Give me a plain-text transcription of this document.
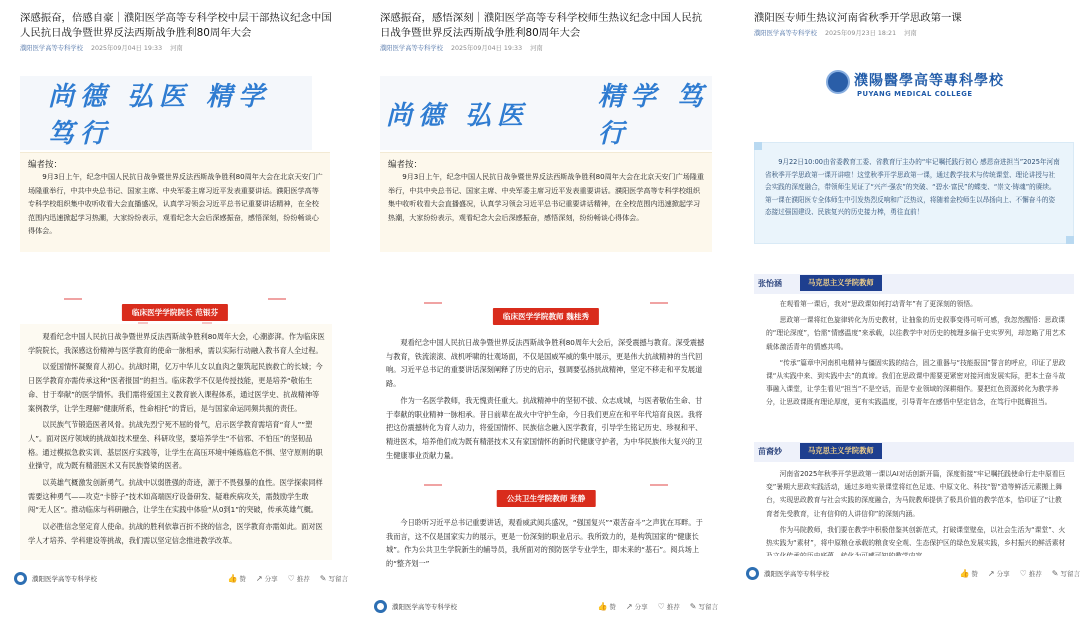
深感振奋，倍感自豪｜濮阳医学高等专科学校中层干部热议纪念中国人民抗日战争暨世界反法西斯战争胜利80周年大会
濮阳医学高等专科学校 2025年09月04日 19:33 河南
尚德 弘医 精学 笃行
编者按：
9月3日上午，纪念中国人民抗日战争暨世界反法西斯战争胜利80周年大会在北京天安门广场隆重举行，中共中央总书记、国家主席、中央军委主席习近平发表重要讲话。濮阳医学高等专科学校组织集中收听收看大会直播盛况，认真学习领会习近平总书记重要讲话精神，在全校范围内迅速掀起学习热潮，大家纷纷表示，观看纪念大会后深感振奋，感悟深刻，纷纷畅谈心得体会。
临床医学学院院长 范银芬

观看纪念中国人民抗日战争暨世界反法西斯战争胜利80周年大会，心潮澎湃。作为临床医学院院长，我深感这份精神与医学教育的使命一脉相承，需以实际行动融入教书育人全过程。

以爱国情怀凝聚育人初心。抗战时期，亿万中华儿女以血肉之躯筑起民族救亡的长城；今日医学教育亦需传承这种“医者报国”的担当。临床教学不仅是传授技能，更是培养“敬佑生命、甘于奉献”的医学情怀。我们需将爱国主义教育嵌入课程体系，通过医学史、抗战精神等案例教学，让学生理解“健康所系，性命相托”的背后，是与国家命运同频共振的责任。

以民族气节锻造医者风骨。抗战先烈宁死不屈的骨气，启示医学教育需培育“育人”“塑人”。面对医疗领域的挑战如技术壁垒、科研攻坚，要培养学生“不信邪、不怕压”的坚韧品格。通过模拟急救实训、基层医疗实践等，让学生在高压环境中锤炼临危不惧、坚守原则的职业操守，成为既有精湛医术又有民族脊梁的医者。

以英雄气概激发创新勇气。抗战中以弱胜强的奇迹，源于不畏强暴的血性。医学探索同样需要这种勇气——攻克“卡脖子”技术如高端医疗设备研发、疑难疾病攻关，需鼓励学生敢闯“无人区”。推动临床与科研融合，让学生在实践中体验“从0到1”的突破，传承英雄气概。

以必胜信念坚定育人使命。抗战的胜利依靠百折不挠的信念，医学教育亦需如此。面对医学人才培养、学科建设等挑战，我们需以坚定信念推进教学改革。

濮阳医学高等专科学校	👍 赞 ↗ 分享 ♡ 推荐 ✎ 写留言
深感振奋，感悟深刻｜濮阳医学高等专科学校师生热议纪念中国人民抗日战争暨世界反法西斯战争胜利80周年大会
濮阳医学高等专科学校 2025年09月04日 19:33 河南
尚德 弘医
精学 笃行
编者按：
9月3日上午，纪念中国人民抗日战争暨世界反法西斯战争胜利80周年大会在北京天安门广场隆重举行，中共中央总书记、国家主席、中央军委主席习近平发表重要讲话。濮阳医学高等专科学校组织集中收听收看大会直播盛况，认真学习领会习近平总书记重要讲话精神，在全校范围内迅速掀起学习热潮，大家纷纷表示，观看纪念大会后深感振奋，感悟深刻，纷纷畅谈心得体会。
临床医学学院教师 魏桂秀

观看纪念中国人民抗日战争暨世界反法西斯战争胜利80周年大会后，深受震撼与教育。深受震撼与教育，铁流滚滚、战机呼啸的壮观场面，不仅是国威军威的集中展示，更是伟大抗战精神的当代回响。习近平总书记的重要讲话深刻阐释了历史的启示，强调要弘扬抗战精神，坚定不移走和平发展道路。

作为一名医学教师，我无愧责任重大。抗战精神中的坚韧不拔、众志成城，与医者敬佑生命、甘于奉献的职业精神一脉相承。昔日前辈在战火中守护生命，今日我们更应在和平年代培育良医。我将把这份震撼转化为育人动力，将爱国情怀、民族信念融入医学教育，引导学生铭记历史、珍视和平、精进医术，培养他们成为既有精湛技术又有家国情怀的新时代健康守护者，为中华民族伟大复兴的卫生健康事业贡献力量。

公共卫生学院教师 张静

今日聆听习近平总书记重要讲话，观看威武阅兵盛况，“强国复兴”“艰苦奋斗”之声犹在耳畔。于我而言，这不仅是国家实力的展示，更是一份深刻的职业启示。我所致力的，是构筑国家的“健康长城”。作为公共卫生学院新生的辅导员，我所面对的预防医学专业学生，即未来的“基石”。阅兵场上的“整齐划一”

濮阳医学高等专科学校	👍 赞 ↗ 分享 ♡ 推荐 ✎ 写留言
濮阳医专师生热议河南省秋季开学思政第一课
濮阳医学高等专科学校 2025年09月23日 18:21 河南
濮陽醫學高等專科學校
PUYANG MEDICAL COLLEGE
9月22日10:00由省委教育工委、省教育厅主办的“牢记嘱托践行初心 感恩奋进担当”2025年河南省秋季开学思政第一课开讲啦！这堂秋季开学思政第一课，通过教学技术与传统课堂、理论讲授与社会实践的深度融合，带领师生见证了“兴产·强农”的突破、“碧水·富民”的蝶变、“崇文·铸魂”的赓续。第一课在濮阳医专全体师生中引发热烈反响和广泛热议，将随着金校师生以昂扬向上、不懈奋斗的姿态接过强国建设、民族复兴的历史接力棒，勇往直前！
张怡涵	马克思主义学院教师

在观看第一课后，我对“思政课如何打动青年”有了更深刻的领悟。

思政第一课将红色旋律转化为历史教材，让抽象的历史叙事变得可听可感，我忽然醒悟：思政课的“理论深度”，恰需“情感温度”来承载，以往教学中对历史的梳理多偏于史实罗列，却忽略了用艺术载体激活青年的情感共鸣。

“传承”篇章中河南机电精神与僵固实践的结合，固之重器与“技能报国”誓言的呼应，印证了思政课“从实践中来、到实践中去”的真谛。我们在思政课中需要更紧密对接河南发展实际，把本土奋斗故事融入课堂，让学生看见“担当”不是空话，而是专业领域的深耕细作。要把红色资源转化为教学养分，让思政课既有理论厚度，更有实践温度，引导青年在感悟中坚定信念，在笃行中挺膺担当。

苗裔妙	马克思主义学院教师

河南省2025年秋季开学思政第一课以AI对话创新开篇，深度衔接“牢记嘱托践使命行走中原看巨变”暑期大思政实践活动，通过多地实景课堂将红色足迹、中原文化、科技“智”造等鲜活元素搬上舞台，实现思政教育与社会实践的深度融合，为马院教师提供了极具价值的教学范本，恰印证了“让教育者先受教育，让有信仰的人讲信仰”的深刻内涵。

作为马院教师，我们要在教学中积极借鉴其创新范式，打破课堂壁垒，以社会生活为“课堂”、火热实践为“素材”，将中原粮仓承载的粮食安全观、生态保护区的绿色发展实践，乡村振兴的鲜活素材

濮阳医学高等专科学校	👍 赞 ↗ 分享 ♡ 推荐 ✎ 写留言
